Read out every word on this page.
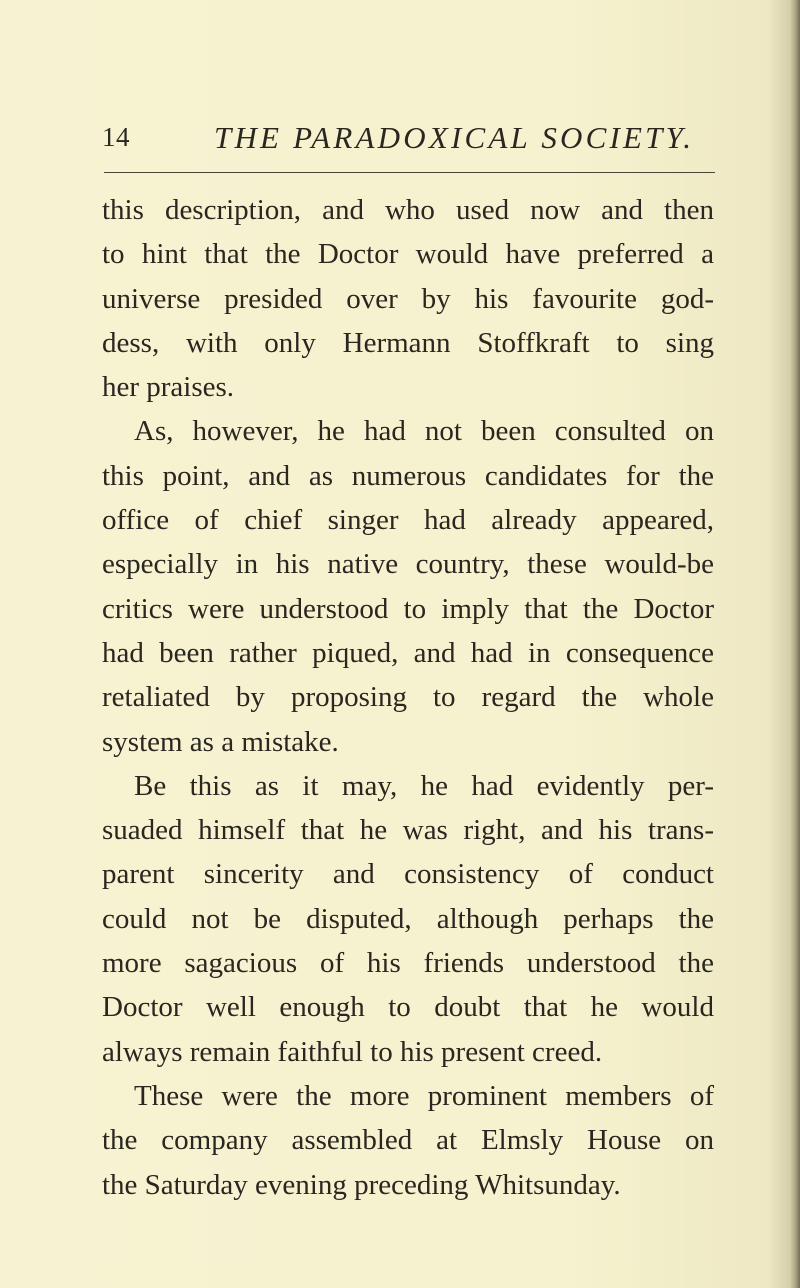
14	THE PARADOXICAL SOCIETY.
this description, and who used now and then
to hint that the Doctor would have preferred a
universe presided over by his favourite god-
dess, with only Hermann Stoffkraft to sing
her praises.
As, however, he had not been consulted on
this point, and as numerous candidates for the
office of chief singer had already appeared,
especially in his native country, these would-be
critics were understood to imply that the Doctor
had been rather piqued, and had in consequence
retaliated by proposing to regard the whole
system as a mistake.
Be this as it may, he had evidently per-
suaded himself that he was right, and his trans-
parent sincerity and consistency of conduct
could not be disputed, although perhaps the
more sagacious of his friends understood the
Doctor well enough to doubt that he would
always remain faithful to his present creed.
These were the more prominent members of
the company assembled at Elmsly House on
the Saturday evening preceding Whitsunday.
